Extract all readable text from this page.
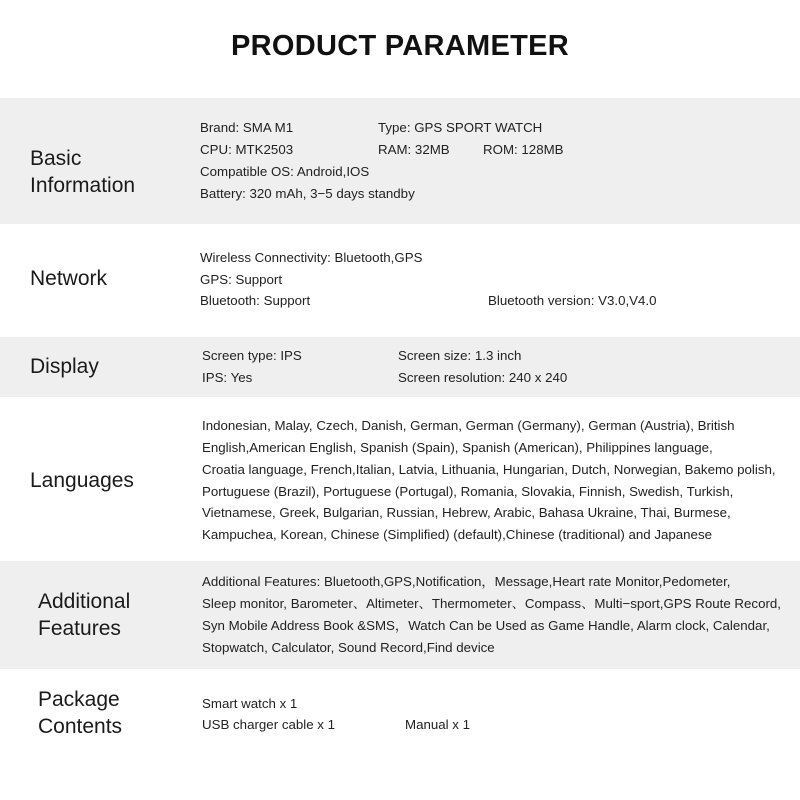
PRODUCT PARAMETER
Basic
Information
Brand: SMA M1	Type: GPS SPORT WATCH
CPU: MTK2503	RAM: 32MB	ROM: 128MB
Compatible OS: Android,IOS
Battery: 320 mAh, 3−5 days standby
Network
Wireless Connectivity: Bluetooth,GPS
GPS: Support
Bluetooth: Support	Bluetooth version: V3.0,V4.0
Display	Screen type: IPS	Screen size: 1.3 inch
IPS: Yes	Screen resolution: 240 x 240
Languages
Indonesian, Malay, Czech, Danish, German, German (Germany), German (Austria), British
English,American English, Spanish (Spain), Spanish (American), Philippines language,
Croatia language, French,Italian, Latvia, Lithuania, Hungarian, Dutch, Norwegian, Bakemo polish,
Portuguese (Brazil), Portuguese (Portugal), Romania, Slovakia, Finnish, Swedish, Turkish,
Vietnamese, Greek, Bulgarian, Russian, Hebrew, Arabic, Bahasa Ukraine, Thai, Burmese,
Kampuchea, Korean, Chinese (Simplified) (default),Chinese (traditional) and Japanese
Additional
Features
Additional Features: Bluetooth,GPS,Notification，Message,Heart rate Monitor,Pedometer,
Sleep monitor, Barometer、Altimeter、Thermometer、Compass、Multi−sport,GPS Route Record,
Syn Mobile Address Book &SMS，Watch Can be Used as Game Handle, Alarm clock, Calendar,
Stopwatch, Calculator, Sound Record,Find device
Package
Contents
Smart watch x 1
USB charger cable x 1	Manual x 1
